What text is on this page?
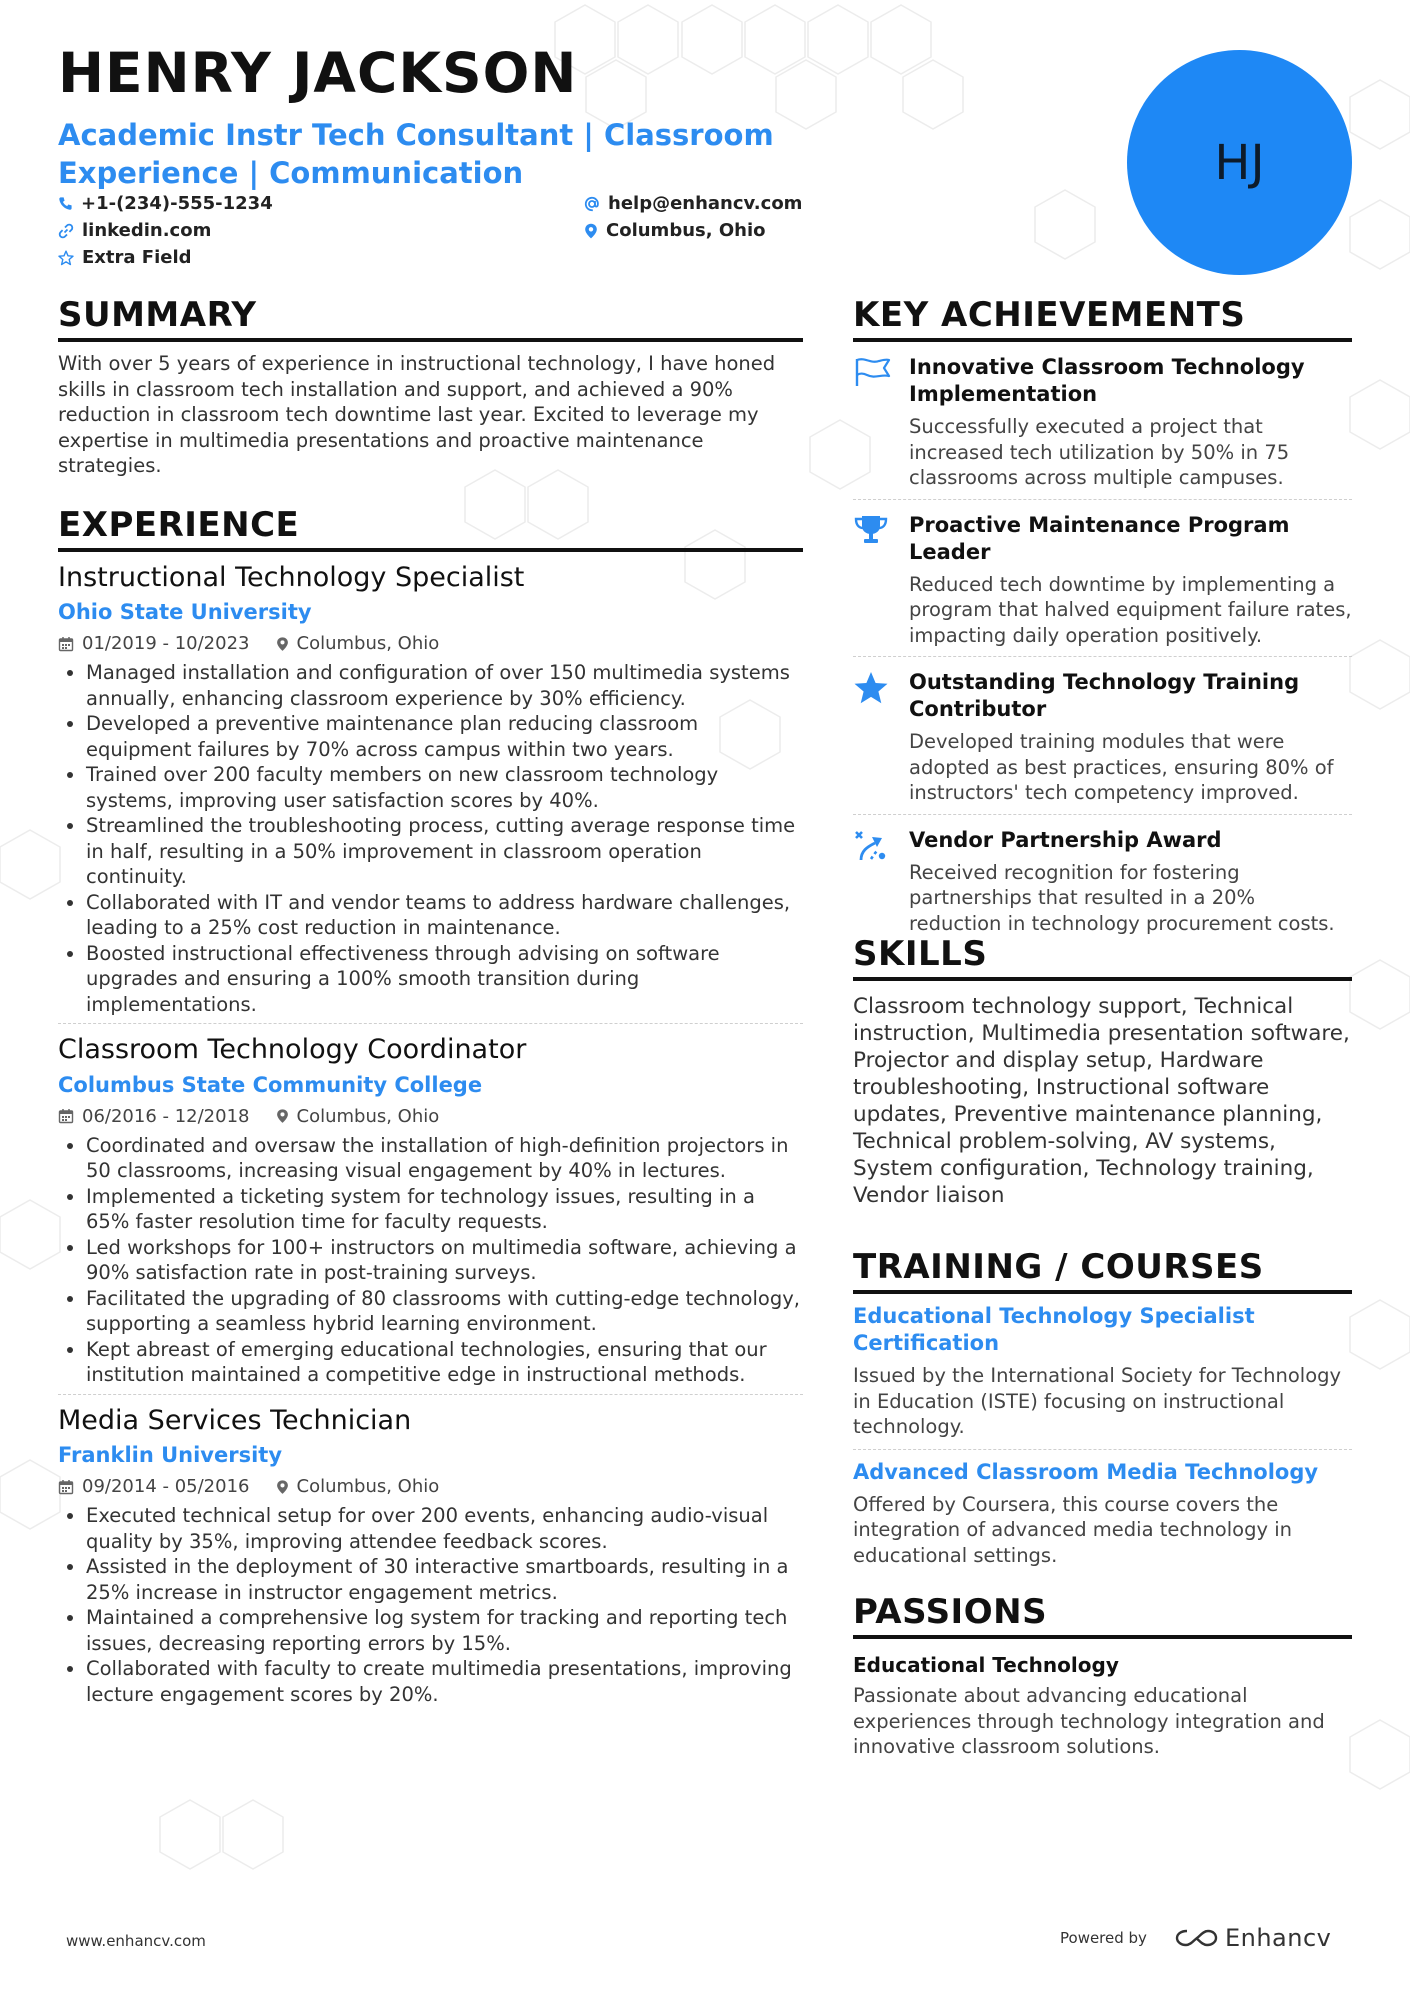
HENRY JACKSON
Academic Instr Tech Consultant | Classroom Experience | Communication
+1-(234)-555-1234	help@enhancv.com
linkedin.com	Columbus, Ohio
Extra Field
HJ
SUMMARY
With over 5 years of experience in instructional technology, I have honed skills in classroom tech installation and support, and achieved a 90% reduction in classroom tech downtime last year. Excited to leverage my expertise in multimedia presentations and proactive maintenance strategies.
EXPERIENCE
Instructional Technology Specialist
Ohio State University
01/2019 - 10/2023	Columbus, Ohio
• Managed installation and configuration of over 150 multimedia systems annually, enhancing classroom experience by 30% efficiency.
• Developed a preventive maintenance plan reducing classroom equipment failures by 70% across campus within two years.
• Trained over 200 faculty members on new classroom technology systems, improving user satisfaction scores by 40%.
• Streamlined the troubleshooting process, cutting average response time in half, resulting in a 50% improvement in classroom operation continuity.
• Collaborated with IT and vendor teams to address hardware challenges, leading to a 25% cost reduction in maintenance.
• Boosted instructional effectiveness through advising on software upgrades and ensuring a 100% smooth transition during implementations.
Classroom Technology Coordinator
Columbus State Community College
06/2016 - 12/2018	Columbus, Ohio
• Coordinated and oversaw the installation of high-definition projectors in 50 classrooms, increasing visual engagement by 40% in lectures.
• Implemented a ticketing system for technology issues, resulting in a 65% faster resolution time for faculty requests.
• Led workshops for 100+ instructors on multimedia software, achieving a 90% satisfaction rate in post-training surveys.
• Facilitated the upgrading of 80 classrooms with cutting-edge technology, supporting a seamless hybrid learning environment.
• Kept abreast of emerging educational technologies, ensuring that our institution maintained a competitive edge in instructional methods.
Media Services Technician
Franklin University
09/2014 - 05/2016	Columbus, Ohio
• Executed technical setup for over 200 events, enhancing audio-visual quality by 35%, improving attendee feedback scores.
• Assisted in the deployment of 30 interactive smartboards, resulting in a 25% increase in instructor engagement metrics.
• Maintained a comprehensive log system for tracking and reporting tech issues, decreasing reporting errors by 15%.
• Collaborated with faculty to create multimedia presentations, improving lecture engagement scores by 20%.
KEY ACHIEVEMENTS
Innovative Classroom Technology Implementation
Successfully executed a project that increased tech utilization by 50% in 75 classrooms across multiple campuses.
Proactive Maintenance Program Leader
Reduced tech downtime by implementing a program that halved equipment failure rates, impacting daily operation positively.
Outstanding Technology Training Contributor
Developed training modules that were adopted as best practices, ensuring 80% of instructors' tech competency improved.
Vendor Partnership Award
Received recognition for fostering partnerships that resulted in a 20% reduction in technology procurement costs.
SKILLS
Classroom technology support, Technical instruction, Multimedia presentation software, Projector and display setup, Hardware troubleshooting, Instructional software updates, Preventive maintenance planning, Technical problem-solving, AV systems, System configuration, Technology training, Vendor liaison
TRAINING / COURSES
Educational Technology Specialist Certification
Issued by the International Society for Technology in Education (ISTE) focusing on instructional technology.
Advanced Classroom Media Technology
Offered by Coursera, this course covers the integration of advanced media technology in educational settings.
PASSIONS
Educational Technology
Passionate about advancing educational experiences through technology integration and innovative classroom solutions.
www.enhancv.com	Powered by	Enhancv
